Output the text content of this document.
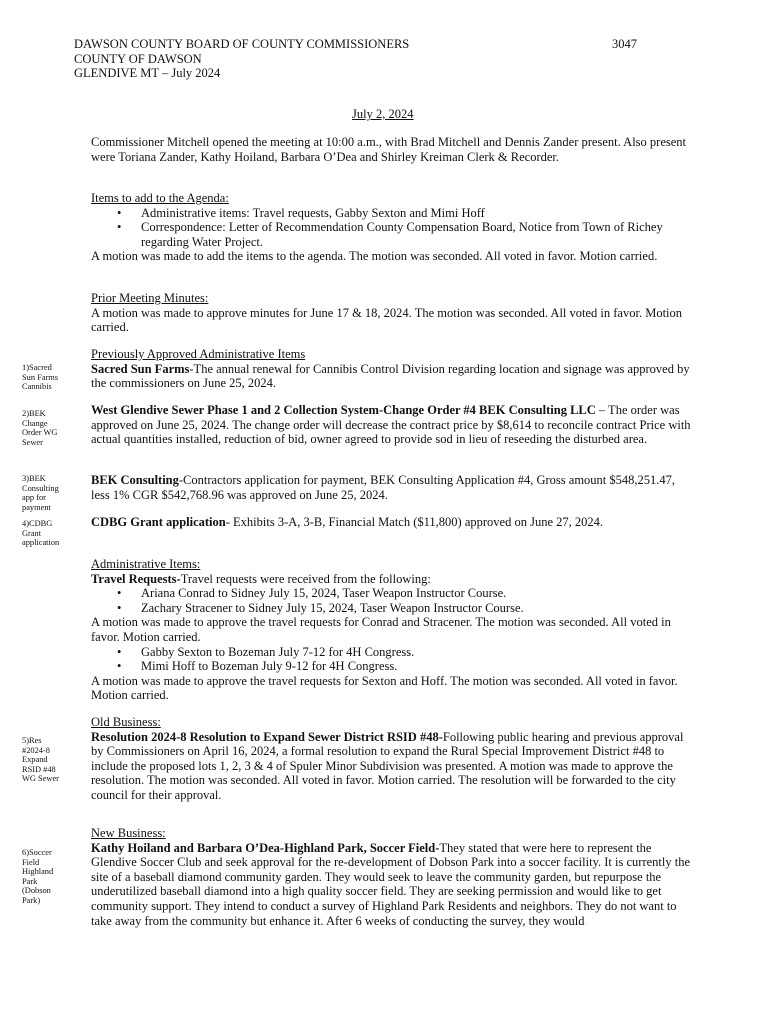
DAWSON COUNTY BOARD OF COUNTY COMMISSIONERS
COUNTY OF DAWSON
GLENDIVE MT – July 2024
3047
July 2, 2024

Commissioner Mitchell opened the meeting at 10:00 a.m., with Brad Mitchell and Dennis Zander present. Also present were Toriana Zander, Kathy Hoiland, Barbara O’Dea and Shirley Kreiman Clerk & Recorder.

Items to add to the Agenda:

• Administrative items: Travel requests, Gabby Sexton and Mimi Hoff
• Correspondence: Letter of Recommendation County Compensation Board, Notice from Town of Richey regarding Water Project.

A motion was made to add the items to the agenda. The motion was seconded. All voted in favor. Motion carried.

Prior Meeting Minutes:

A motion was made to approve minutes for June 17 & 18, 2024. The motion was seconded. All voted in favor. Motion carried.

Previously Approved Administrative Items

Sacred Sun Farms-The annual renewal for Cannibis Control Division regarding location and signage was approved by the commissioners on June 25, 2024.

West Glendive Sewer Phase 1 and 2 Collection System-Change Order #4 BEK Consulting LLC – The order was approved on June 25, 2024. The change order will decrease the contract price by $8,614 to reconcile contract Price with actual quantities installed, reduction of bid, owner agreed to provide sod in lieu of reseeding the disturbed area.

BEK Consulting-Contractors application for payment, BEK Consulting Application #4, Gross amount $548,251.47, less 1% CGR $542,768.96 was approved on June 25, 2024.

CDBG Grant application- Exhibits 3-A, 3-B, Financial Match ($11,800) approved on June 27, 2024.

Administrative Items:

Travel Requests-Travel requests were received from the following:

• Ariana Conrad to Sidney July 15, 2024, Taser Weapon Instructor Course.
• Zachary Stracener to Sidney July 15, 2024, Taser Weapon Instructor Course.

A motion was made to approve the travel requests for Conrad and Stracener. The motion was seconded. All voted in favor. Motion carried.

• Gabby Sexton to Bozeman July 7-12 for 4H Congress.
• Mimi Hoff to Bozeman July 9-12 for 4H Congress.

A motion was made to approve the travel requests for Sexton and Hoff. The motion was seconded. All voted in favor. Motion carried.

Old Business:

Resolution 2024-8 Resolution to Expand Sewer District RSID #48-Following public hearing and previous approval by Commissioners on April 16, 2024, a formal resolution to expand the Rural Special Improvement District #48 to include the proposed lots 1, 2, 3 & 4 of Spuler Minor Subdivision was presented. A motion was made to approve the resolution. The motion was seconded. All voted in favor. Motion carried. The resolution will be forwarded to the city council for their approval.

New Business:

Kathy Hoiland and Barbara O’Dea-Highland Park, Soccer Field-They stated that were here to represent the Glendive Soccer Club and seek approval for the re-development of Dobson Park into a soccer facility. It is currently the site of a baseball diamond community garden. They would seek to leave the community garden, but repurpose the underutilized baseball diamond into a high quality soccer field. They are seeking permission and would like to get community support. They intend to conduct a survey of Highland Park Residents and neighbors. They do not want to take away from the community but enhance it. After 6 weeks of conducting the survey, they would

1)Sacred
Sun Farms
Cannibis
2)BEK
Change
Order WG
Sewer
3)BEK
Consulting
app for
payment
4)CDBG
Grant
application
5)Res
#2024-8
Expand
RSID #48
WG Sewer
6)Soccer
Field
Highland
Park
(Dobson
Park)
